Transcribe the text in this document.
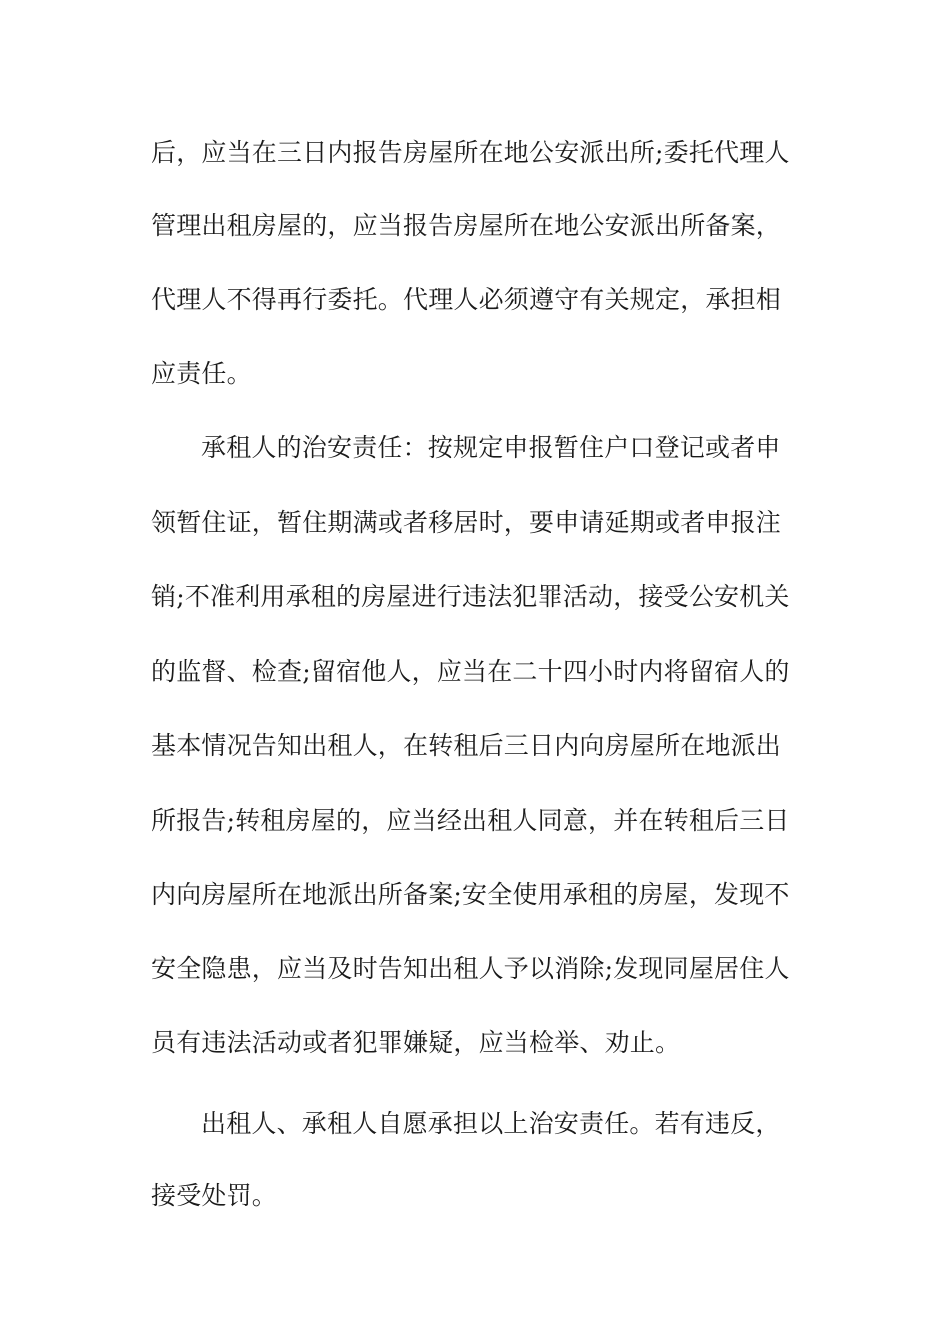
后，应当在三日内报告房屋所在地公安派出所;委托代理人
管理出租房屋的，应当报告房屋所在地公安派出所备案，
代理人不得再行委托。代理人必须遵守有关规定，承担相
应责任。
承租人的治安责任：按规定申报暂住户口登记或者申
领暂住证，暂住期满或者移居时，要申请延期或者申报注
销;不准利用承租的房屋进行违法犯罪活动，接受公安机关
的监督、检查;留宿他人，应当在二十四小时内将留宿人的
基本情况告知出租人，在转租后三日内向房屋所在地派出
所报告;转租房屋的，应当经出租人同意，并在转租后三日
内向房屋所在地派出所备案;安全使用承租的房屋，发现不
安全隐患，应当及时告知出租人予以消除;发现同屋居住人
员有违法活动或者犯罪嫌疑，应当检举、劝止。
出租人、承租人自愿承担以上治安责任。若有违反，
接受处罚。
